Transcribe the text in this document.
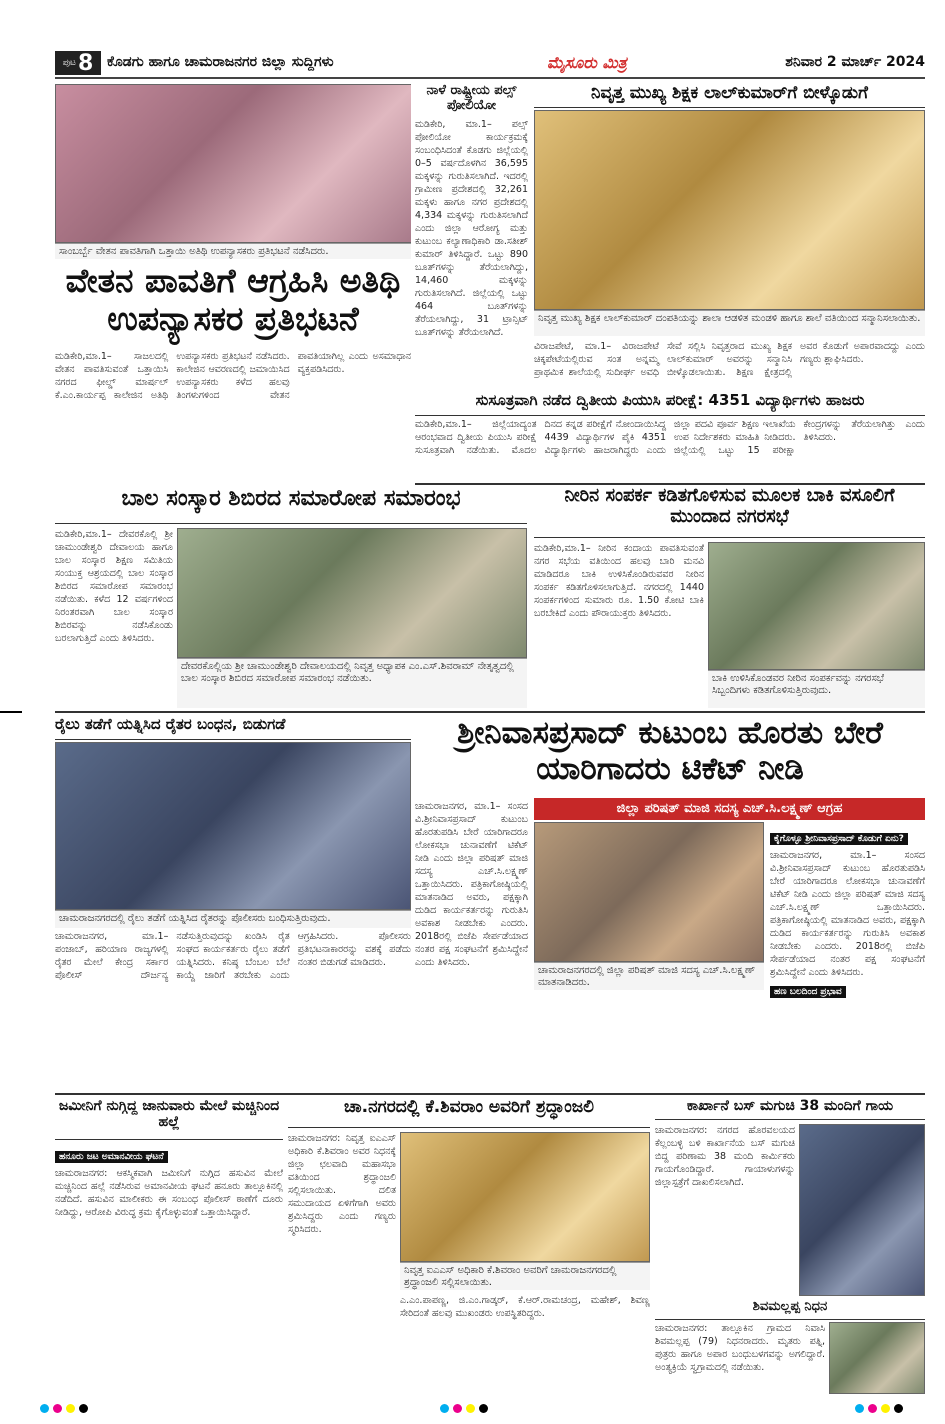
ಪುಟ 8 ಕೊಡಗು ಹಾಗೂ ಚಾಮರಾಜನಗರ ಜಿಲ್ಲಾ ಸುದ್ದಿಗಳು	ಮೈಸೂರು ಮಿತ್ರ	ಶನಿವಾರ 2 ಮಾರ್ಚ್ 2024
ಸಾಂಬರ್ಬ್ಬೆ ವೇತನ ಪಾವತಿಗಾಗಿ ಒತ್ತಾಯಿ ಅತಿಥಿ ಉಪನ್ಯಾಸಕರು ಪ್ರತಿಭಟನೆ ನಡೆಸಿದರು.
ವೇತನ ಪಾವತಿಗೆ ಆಗ್ರಹಿಸಿ ಅತಿಥಿ ಉಪನ್ಯಾಸಕರ ಪ್ರತಿಭಟನೆ
ಮಡಿಕೇರಿ,ಮಾ.1– ಸಾಜಲದಲ್ಲಿ ವೇತನ ಪಾವತಿಸುವಂತೆ ಒತ್ತಾಯಿಸಿ ನಗರದ ಫೀಲ್ಡ್ ಮಾರ್ಷಲ್ ಕೆ.ಎಂ.ಕಾರ್ಯಪ್ಪ ಕಾಲೇಜಿನ ಅತಿಥಿ ಉಪನ್ಯಾಸಕರು ಪ್ರತಿಭಟನೆ ನಡೆಸಿದರು. ಕಾಲೇಜಿನ ಆವರಣದಲ್ಲಿ ಜಮಾಯಿಸಿದ ಉಪನ್ಯಾಸಕರು ಕಳೆದ ಹಲವು ತಿಂಗಳುಗಳಿಂದ ವೇತನ ಪಾವತಿಯಾಗಿಲ್ಲ ಎಂದು ಅಸಮಾಧಾನ ವ್ಯಕ್ತಪಡಿಸಿದರು.
ನಾಳೆ ರಾಷ್ಟ್ರೀಯ ಪಲ್ಸ್ ಪೋಲಿಯೋ
ಮಡಿಕೇರಿ, ಮಾ.1– ಪಲ್ಸ್ ಪೋಲಿಯೋ ಕಾರ್ಯಕ್ರಮಕ್ಕೆ ಸಂಬಂಧಿಸಿದಂತೆ ಕೊಡಗು ಜಿಲ್ಲೆಯಲ್ಲಿ 0–5 ವರ್ಷದೊಳಗಿನ 36,595 ಮಕ್ಕಳನ್ನು ಗುರುತಿಸಲಾಗಿದೆ. ಇದರಲ್ಲಿ ಗ್ರಾಮೀಣ ಪ್ರದೇಶದಲ್ಲಿ 32,261 ಮಕ್ಕಳು ಹಾಗೂ ನಗರ ಪ್ರದೇಶದಲ್ಲಿ 4,334 ಮಕ್ಕಳನ್ನು ಗುರುತಿಸಲಾಗಿದೆ ಎಂದು ಜಿಲ್ಲಾ ಆರೋಗ್ಯ ಮತ್ತು ಕುಟುಂಬ ಕಲ್ಯಾಣಾಧಿಕಾರಿ ಡಾ.ಸತೀಶ್ ಕುಮಾರ್ ತಿಳಿಸಿದ್ದಾರೆ. ಒಟ್ಟು 890 ಬೂತ್‌ಗಳನ್ನು ತೆರೆಯಲಾಗಿದ್ದು, 14,460 ಮಕ್ಕಳನ್ನು ಗುರುತಿಸಲಾಗಿದೆ. ಜಿಲ್ಲೆಯಲ್ಲಿ ಒಟ್ಟು 464 ಬೂತ್‌ಗಳನ್ನು ತೆರೆಯಲಾಗಿದ್ದು, 31 ಟ್ರಾನ್ಸಿಟ್ ಬೂತ್‌ಗಳನ್ನು ತೆರೆಯಲಾಗಿದೆ.
ನಿವೃತ್ತ ಮುಖ್ಯ ಶಿಕ್ಷಕ ಲಾಲ್‌ಕುಮಾರ್‌ಗೆ ಬೀಳ್ಕೊಡುಗೆ
ನಿವೃತ್ತ ಮುಖ್ಯ ಶಿಕ್ಷಕ ಲಾಲ್‌ಕುಮಾರ್ ದಂಪತಿಯನ್ನು ಶಾಲಾ ಆಡಳಿತ ಮಂಡಳಿ ಹಾಗೂ ಶಾಲೆ ವತಿಯಿಂದ ಸನ್ಮಾನಿಸಲಾಯಿತು.
ವಿರಾಜಪೇಟೆ, ಮಾ.1– ವಿರಾಜಪೇಟೆ ಚಿಕ್ಕಪೇಟೆಯಲ್ಲಿರುವ ಸಂತ ಅನ್ನಮ್ಮ ಪ್ರಾಥಮಿಕ ಶಾಲೆಯಲ್ಲಿ ಸುದೀರ್ಘ ಅವಧಿ ಸೇವೆ ಸಲ್ಲಿಸಿ ನಿವೃತ್ತರಾದ ಮುಖ್ಯ ಶಿಕ್ಷಕ ಲಾಲ್‌ಕುಮಾರ್ ಅವರನ್ನು ಸನ್ಮಾನಿಸಿ ಬೀಳ್ಕೊಡಲಾಯಿತು. ಶಿಕ್ಷಣ ಕ್ಷೇತ್ರದಲ್ಲಿ ಅವರ ಕೊಡುಗೆ ಅಪಾರವಾದದ್ದು ಎಂದು ಗಣ್ಯರು ಶ್ಲಾಘಿಸಿದರು.
ಸುಸೂತ್ರವಾಗಿ ನಡೆದ ದ್ವಿತೀಯ ಪಿಯುಸಿ ಪರೀಕ್ಷೆ: 4351 ವಿದ್ಯಾರ್ಥಿಗಳು ಹಾಜರು
ಮಡಿಕೇರಿ,ಮಾ.1– ಜಿಲ್ಲೆಯಾದ್ಯಂತ ಆರಂಭವಾದ ದ್ವಿತೀಯ ಪಿಯುಸಿ ಪರೀಕ್ಷೆ ಸುಸೂತ್ರವಾಗಿ ನಡೆಯಿತು. ಮೊದಲ ದಿನದ ಕನ್ನಡ ಪರೀಕ್ಷೆಗೆ ನೋಂದಾಯಿಸಿದ್ದ 4439 ವಿದ್ಯಾರ್ಥಿಗಳ ಪೈಕಿ 4351 ವಿದ್ಯಾರ್ಥಿಗಳು ಹಾಜರಾಗಿದ್ದರು ಎಂದು ಜಿಲ್ಲಾ ಪದವಿ ಪೂರ್ವ ಶಿಕ್ಷಣ ಇಲಾಖೆಯ ಉಪ ನಿರ್ದೇಶಕರು ಮಾಹಿತಿ ನೀಡಿದರು. ಜಿಲ್ಲೆಯಲ್ಲಿ ಒಟ್ಟು 15 ಪರೀಕ್ಷಾ ಕೇಂದ್ರಗಳನ್ನು ತೆರೆಯಲಾಗಿತ್ತು ಎಂದು ತಿಳಿಸಿದರು.
ಬಾಲ ಸಂಸ್ಕಾರ ಶಿಬಿರದ ಸಮಾರೋಪ ಸಮಾರಂಭ
ಮಡಿಕೇರಿ,ಮಾ.1– ದೇವರಕೊಲ್ಲಿ ಶ್ರೀ ಚಾಮುಂಡೇಶ್ವರಿ ದೇವಾಲಯ ಹಾಗೂ ಬಾಲ ಸಂಸ್ಕಾರ ಶಿಕ್ಷಣ ಸಮಿತಿಯ ಸಂಯುಕ್ತ ಆಶ್ರಯದಲ್ಲಿ ಬಾಲ ಸಂಸ್ಕಾರ ಶಿಬಿರದ ಸಮಾರೋಪ ಸಮಾರಂಭ ನಡೆಯಿತು. ಕಳೆದ 12 ವರ್ಷಗಳಿಂದ ನಿರಂತರವಾಗಿ ಬಾಲ ಸಂಸ್ಕಾರ ಶಿಬಿರವನ್ನು ನಡೆಸಿಕೊಂಡು ಬರಲಾಗುತ್ತಿದೆ ಎಂದು ತಿಳಿಸಿದರು.
ದೇವರಕೊಲ್ಲಿಯ ಶ್ರೀ ಚಾಮುಂಡೇಶ್ವರಿ ದೇವಾಲಯದಲ್ಲಿ ನಿವೃತ್ತ ಅಧ್ಯಾಪಕ ಎಂ.ಎಸ್.ಶಿವರಾಮ್ ನೇತೃತ್ವದಲ್ಲಿ ಬಾಲ ಸಂಸ್ಕಾರ ಶಿಬಿರದ ಸಮಾರೋಪ ಸಮಾರಂಭ ನಡೆಯಿತು.
ನೀರಿನ ಸಂಪರ್ಕ ಕಡಿತಗೊಳಿಸುವ ಮೂಲಕ ಬಾಕಿ ವಸೂಲಿಗೆ ಮುಂದಾದ ನಗರಸಭೆ
ಮಡಿಕೇರಿ,ಮಾ.1– ನೀರಿನ ಕಂದಾಯ ಪಾವತಿಸುವಂತೆ ನಗರ ಸಭೆಯ ವತಿಯಿಂದ ಹಲವು ಬಾರಿ ಮನವಿ ಮಾಡಿದರೂ ಬಾಕಿ ಉಳಿಸಿಕೊಂಡಿರುವವರ ನೀರಿನ ಸಂಪರ್ಕ ಕಡಿತಗೊಳಿಸಲಾಗುತ್ತಿದೆ. ನಗರದಲ್ಲಿ 1440 ಸಂಪರ್ಕಗಳಿಂದ ಸುಮಾರು ರೂ. 1.50 ಕೋಟಿ ಬಾಕಿ ಬರಬೇಕಿದೆ ಎಂದು ಪೌರಾಯುಕ್ತರು ತಿಳಿಸಿದರು.
ಬಾಕಿ ಉಳಿಸಿಕೊಂಡವರ ನೀರಿನ ಸಂಪರ್ಕವನ್ನು ನಗರಸಭೆ ಸಿಬ್ಬಂದಿಗಳು ಕಡಿತಗೊಳಿಸುತ್ತಿರುವುದು.
ರೈಲು ತಡೆಗೆ ಯತ್ನಿಸಿದ ರೈತರ ಬಂಧನ, ಬಿಡುಗಡೆ
ಚಾಮರಾಜನಗರದಲ್ಲಿ ರೈಲು ತಡೆಗೆ ಯತ್ನಿಸಿದ ರೈತರನ್ನು ಪೊಲೀಸರು ಬಂಧಿಸುತ್ತಿರುವುದು.
ಚಾಮರಾಜನಗರ, ಮಾ.1– ಪಂಜಾಬ್, ಹರಿಯಾಣ ರಾಜ್ಯಗಳಲ್ಲಿ ರೈತರ ಮೇಲೆ ಕೇಂದ್ರ ಸರ್ಕಾರ ಪೊಲೀಸ್ ದೌರ್ಜನ್ಯ ನಡೆಸುತ್ತಿರುವುದನ್ನು ಖಂಡಿಸಿ ರೈತ ಸಂಘದ ಕಾರ್ಯಕರ್ತರು ರೈಲು ತಡೆಗೆ ಯತ್ನಿಸಿದರು. ಕನಿಷ್ಠ ಬೆಂಬಲ ಬೆಲೆ ಕಾಯ್ದೆ ಜಾರಿಗೆ ತರಬೇಕು ಎಂದು ಆಗ್ರಹಿಸಿದರು. ಪೊಲೀಸರು ಪ್ರತಿಭಟನಾಕಾರರನ್ನು ವಶಕ್ಕೆ ಪಡೆದು ನಂತರ ಬಿಡುಗಡೆ ಮಾಡಿದರು.
ಶ್ರೀನಿವಾಸಪ್ರಸಾದ್ ಕುಟುಂಬ ಹೊರತು ಬೇರೆ ಯಾರಿಗಾದರು ಟಿಕೆಟ್ ನೀಡಿ
ಜಿಲ್ಲಾ ಪರಿಷತ್ ಮಾಜಿ ಸದಸ್ಯ ಎಚ್.ಸಿ.ಲಕ್ಷ್ಮಣ್ ಆಗ್ರಹ
ಚಾಮರಾಜನಗರ, ಮಾ.1– ಸಂಸದ ವಿ.ಶ್ರೀನಿವಾಸಪ್ರಸಾದ್ ಕುಟುಂಬ ಹೊರತುಪಡಿಸಿ ಬೇರೆ ಯಾರಿಗಾದರೂ ಲೋಕಸಭಾ ಚುನಾವಣೆಗೆ ಟಿಕೆಟ್ ನೀಡಿ ಎಂದು ಜಿಲ್ಲಾ ಪರಿಷತ್ ಮಾಜಿ ಸದಸ್ಯ ಎಚ್.ಸಿ.ಲಕ್ಷ್ಮಣ್ ಒತ್ತಾಯಿಸಿದರು. ಪತ್ರಿಕಾಗೋಷ್ಠಿಯಲ್ಲಿ ಮಾತನಾಡಿದ ಅವರು, ಪಕ್ಷಕ್ಕಾಗಿ ದುಡಿದ ಕಾರ್ಯಕರ್ತರನ್ನು ಗುರುತಿಸಿ ಅವಕಾಶ ನೀಡಬೇಕು ಎಂದರು. 2018ರಲ್ಲಿ ಬಿಜೆಪಿ ಸೇರ್ಪಡೆಯಾದ ನಂತರ ಪಕ್ಷ ಸಂಘಟನೆಗೆ ಶ್ರಮಿಸಿದ್ದೇನೆ ಎಂದು ತಿಳಿಸಿದರು.
ಚಾಮರಾಜನಗರದಲ್ಲಿ ಜಿಲ್ಲಾ ಪರಿಷತ್ ಮಾಜಿ ಸದಸ್ಯ ಎಚ್.ಸಿ.ಲಕ್ಷ್ಮಣ್ ಮಾತನಾಡಿದರು.
ಕೈಗೊಳ್ಳೂ ಶ್ರೀನಿವಾಸಪ್ರಸಾದ್ ಕೊಡುಗೆ ಏನು?
ಚಾಮರಾಜನಗರ, ಮಾ.1– ಸಂಸದ ವಿ.ಶ್ರೀನಿವಾಸಪ್ರಸಾದ್ ಕುಟುಂಬ ಹೊರತುಪಡಿಸಿ ಬೇರೆ ಯಾರಿಗಾದರೂ ಲೋಕಸಭಾ ಚುನಾವಣೆಗೆ ಟಿಕೆಟ್ ನೀಡಿ ಎಂದು ಜಿಲ್ಲಾ ಪರಿಷತ್ ಮಾಜಿ ಸದಸ್ಯ ಎಚ್.ಸಿ.ಲಕ್ಷ್ಮಣ್ ಒತ್ತಾಯಿಸಿದರು. ಪತ್ರಿಕಾಗೋಷ್ಠಿಯಲ್ಲಿ ಮಾತನಾಡಿದ ಅವರು, ಪಕ್ಷಕ್ಕಾಗಿ ದುಡಿದ ಕಾರ್ಯಕರ್ತರನ್ನು ಗುರುತಿಸಿ ಅವಕಾಶ ನೀಡಬೇಕು ಎಂದರು. 2018ರಲ್ಲಿ ಬಿಜೆಪಿ ಸೇರ್ಪಡೆಯಾದ ನಂತರ ಪಕ್ಷ ಸಂಘಟನೆಗೆ ಶ್ರಮಿಸಿದ್ದೇನೆ ಎಂದು ತಿಳಿಸಿದರು.
ಹಣ ಬಲದಿಂದ ಪ್ರಭಾವ
ಜಮೀನಿಗೆ ನುಗ್ಗಿದ್ದ ಜಾನುವಾರು ಮೇಲೆ ಮಚ್ಚಿನಿಂದ ಹಲ್ಲೆ
ಹನೂರು ಜಟ ಅಮಾನವೀಯ ಘಟನೆ
ಚಾಮರಾಜನಗರ: ಆಕಸ್ಮಿಕವಾಗಿ ಜಮೀನಿಗೆ ನುಗ್ಗಿದ ಹಸುವಿನ ಮೇಲೆ ಮಚ್ಚಿನಿಂದ ಹಲ್ಲೆ ನಡೆಸಿರುವ ಅಮಾನವೀಯ ಘಟನೆ ಹನೂರು ತಾಲ್ಲೂಕಿನಲ್ಲಿ ನಡೆದಿದೆ. ಹಸುವಿನ ಮಾಲೀಕರು ಈ ಸಂಬಂಧ ಪೊಲೀಸ್ ಠಾಣೆಗೆ ದೂರು ನೀಡಿದ್ದು, ಆರೋಪಿ ವಿರುದ್ಧ ಕ್ರಮ ಕೈಗೊಳ್ಳುವಂತೆ ಒತ್ತಾಯಿಸಿದ್ದಾರೆ.
ಚಾ.ನಗರದಲ್ಲಿ ಕೆ.ಶಿವರಾಂ ಅವರಿಗೆ ಶ್ರದ್ಧಾಂಜಲಿ
ಚಾಮರಾಜನಗರ: ನಿವೃತ್ತ ಐಎಎಸ್ ಅಧಿಕಾರಿ ಕೆ.ಶಿವರಾಂ ಅವರ ನಿಧನಕ್ಕೆ ಜಿಲ್ಲಾ ಛಲವಾದಿ ಮಹಾಸಭಾ ವತಿಯಿಂದ ಶ್ರದ್ಧಾಂಜಲಿ ಸಲ್ಲಿಸಲಾಯಿತು. ದಲಿತ ಸಮುದಾಯದ ಏಳಿಗೆಗಾಗಿ ಅವರು ಶ್ರಮಿಸಿದ್ದರು ಎಂದು ಗಣ್ಯರು ಸ್ಮರಿಸಿದರು.
ನಿವೃತ್ತ ಐಎಎಸ್ ಅಧಿಕಾರಿ ಕೆ.ಶಿವರಾಂ ಅವರಿಗೆ ಚಾಮರಾಜನಗರದಲ್ಲಿ ಶ್ರದ್ಧಾಂಜಲಿ ಸಲ್ಲಿಸಲಾಯಿತು.
ಎ.ಎಂ.ಪಾಪಣ್ಣ, ಜಿ.ಎಂ.ಗಾಡ್ಕರ್, ಕೆ.ಆರ್.ರಾಮಚಂದ್ರ, ಮಹೇಶ್, ಶಿವಣ್ಣ ಸೇರಿದಂತೆ ಹಲವು ಮುಖಂಡರು ಉಪಸ್ಥಿತರಿದ್ದರು.
ಕಾರ್ಖಾನೆ ಬಸ್ ಮಗುಚಿ 38 ಮಂದಿಗೆ ಗಾಯ
ಚಾಮರಾಜನಗರ: ನಗರದ ಹೊರವಲಯದ ಕೆಲ್ಲಂಬಳ್ಳಿ ಬಳಿ ಕಾರ್ಖಾನೆಯ ಬಸ್ ಮಗುಚಿ ಬಿದ್ದ ಪರಿಣಾಮ 38 ಮಂದಿ ಕಾರ್ಮಿಕರು ಗಾಯಗೊಂಡಿದ್ದಾರೆ. ಗಾಯಾಳುಗಳನ್ನು ಜಿಲ್ಲಾಸ್ಪತ್ರೆಗೆ ದಾಖಲಿಸಲಾಗಿದೆ.
ಶಿವಮಲ್ಲಪ್ಪ ನಿಧನ
ಚಾಮರಾಜನಗರ: ತಾಲ್ಲೂಕಿನ ಗ್ರಾಮದ ನಿವಾಸಿ ಶಿವಮಲ್ಲಪ್ಪ (79) ನಿಧನರಾದರು. ಮೃತರು ಪತ್ನಿ, ಪುತ್ರರು ಹಾಗೂ ಅಪಾರ ಬಂಧುಬಳಗವನ್ನು ಅಗಲಿದ್ದಾರೆ. ಅಂತ್ಯಕ್ರಿಯೆ ಸ್ವಗ್ರಾಮದಲ್ಲಿ ನಡೆಯಿತು.
